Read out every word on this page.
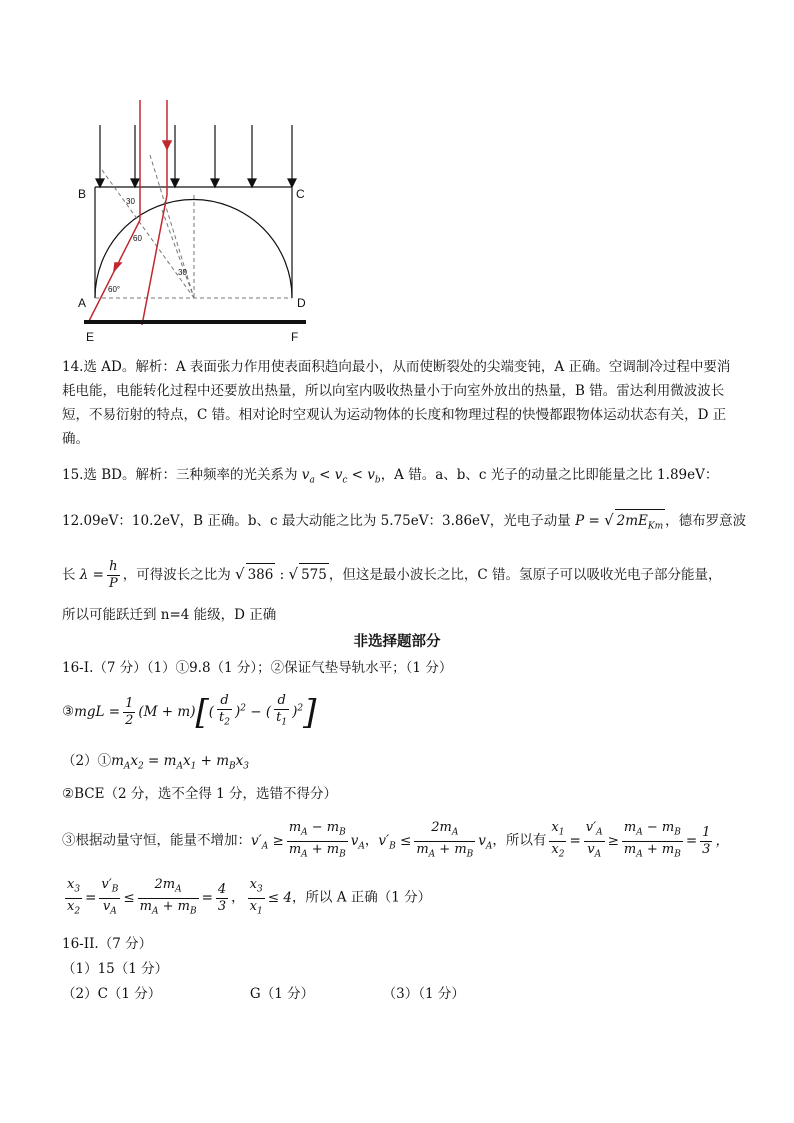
B	C
A	D
E	F
30
60
30
60°
14.选 AD。解析：A 表面张力作用使表面积趋向最小，从而使断裂处的尖端变钝，A 正确。空调制冷过程中要消耗电能，电能转化过程中还要放出热量，所以向室内吸收热量小于向室外放出的热量，B 错。雷达利用微波波长短，不易衍射的特点，C 错。相对论时空观认为运动物体的长度和物理过程的快慢都跟物体运动状态有关，D 正确。
15.选 BD。解析：三种频率的光关系为 $v_a < v_c < v_b$，A 错。a、b、c 光子的动量之比即能量之比 1.89eV：
12.09eV：10.2eV，B 正确。b、c 最大动能之比为 5.75eV：3.86eV，光电子动量 P = √ $2mE_{Km}$ ，德布罗意波
长 $\lambda = \frac{h}{P}$ ，可得波长之比为 √ 386 : √ 575 ，但这是最小波长之比，C 错。氢原子可以吸收光电子部分能量，
所以可能跃迁到 n=4 能级，D 正确
非选择题部分
16-I.（7 分）（1）①9.8（1 分）；②保证气垫导轨水平；（1 分）
③mgL = $\frac{1}{2} (M + m)[( \frac{d}{t_2} )^2$ − ( $\frac{d}{t_1} )^2$]
$(2)①m_Ax_2 = m_Ax_1 + m_Bx_3$
②BCE（2 分，选不全得 1 分，选错不得分）
③根据动量守恒，能量不增加：$v'_A \ge \frac{m_A - m_B}{m_A + m_B} v_A$，$v'_B \le \frac{2m_A}{m_A + m_B} v_A$，所以有 $\frac{x_1}{x_2} = \frac{v'_A}{v_A} \ge \frac{m_A - m_B}{m_A + m_B} = \frac{1}{3}$ ，
$\frac{x_3}{x_2} = \frac{v'_B}{v_A} \le \frac{2m_A}{m_A + m_B} = \frac{4}{3}$ ， $\frac{x_3}{x_1} \le 4$，所以 A 正确（1 分）
16-II.（7 分）
（1）15（1 分）
（2）C（1 分）	G（1 分）	（3）（1 分）
